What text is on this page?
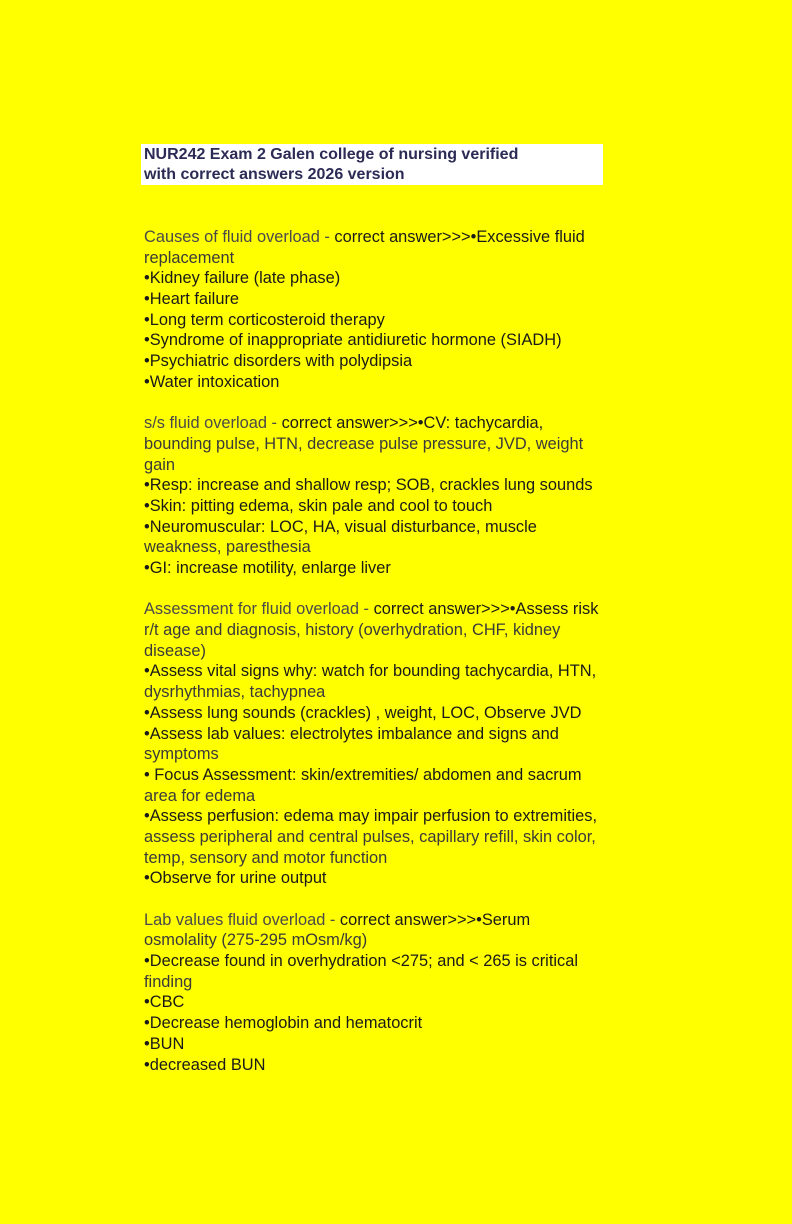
NUR242 Exam 2 Galen college of nursing verified
with correct answers 2026 version
Causes of fluid overload - correct answer>>>•Excessive fluid
replacement
•Kidney failure (late phase)
•Heart failure
•Long term corticosteroid therapy
•Syndrome of inappropriate antidiuretic hormone (SIADH)
•Psychiatric disorders with polydipsia
•Water intoxication
s/s fluid overload - correct answer>>>•CV: tachycardia,
bounding pulse, HTN, decrease pulse pressure, JVD, weight
gain
•Resp: increase and shallow resp; SOB, crackles lung sounds
•Skin: pitting edema, skin pale and cool to touch
•Neuromuscular: LOC, HA, visual disturbance, muscle
weakness, paresthesia
•GI: increase motility, enlarge liver
Assessment for fluid overload - correct answer>>>•Assess risk
r/t age and diagnosis, history (overhydration, CHF, kidney
disease)
•Assess vital signs why: watch for bounding tachycardia, HTN,
dysrhythmias, tachypnea
•Assess lung sounds (crackles) , weight, LOC, Observe JVD
•Assess lab values: electrolytes imbalance and signs and
symptoms
• Focus Assessment: skin/extremities/ abdomen and sacrum
area for edema
•Assess perfusion: edema may impair perfusion to extremities,
assess peripheral and central pulses, capillary refill, skin color,
temp, sensory and motor function
•Observe for urine output
Lab values fluid overload - correct answer>>>•Serum
osmolality (275-295 mOsm/kg)
•Decrease found in overhydration <275; and < 265 is critical
finding
•CBC
•Decrease hemoglobin and hematocrit
•BUN
•decreased BUN
